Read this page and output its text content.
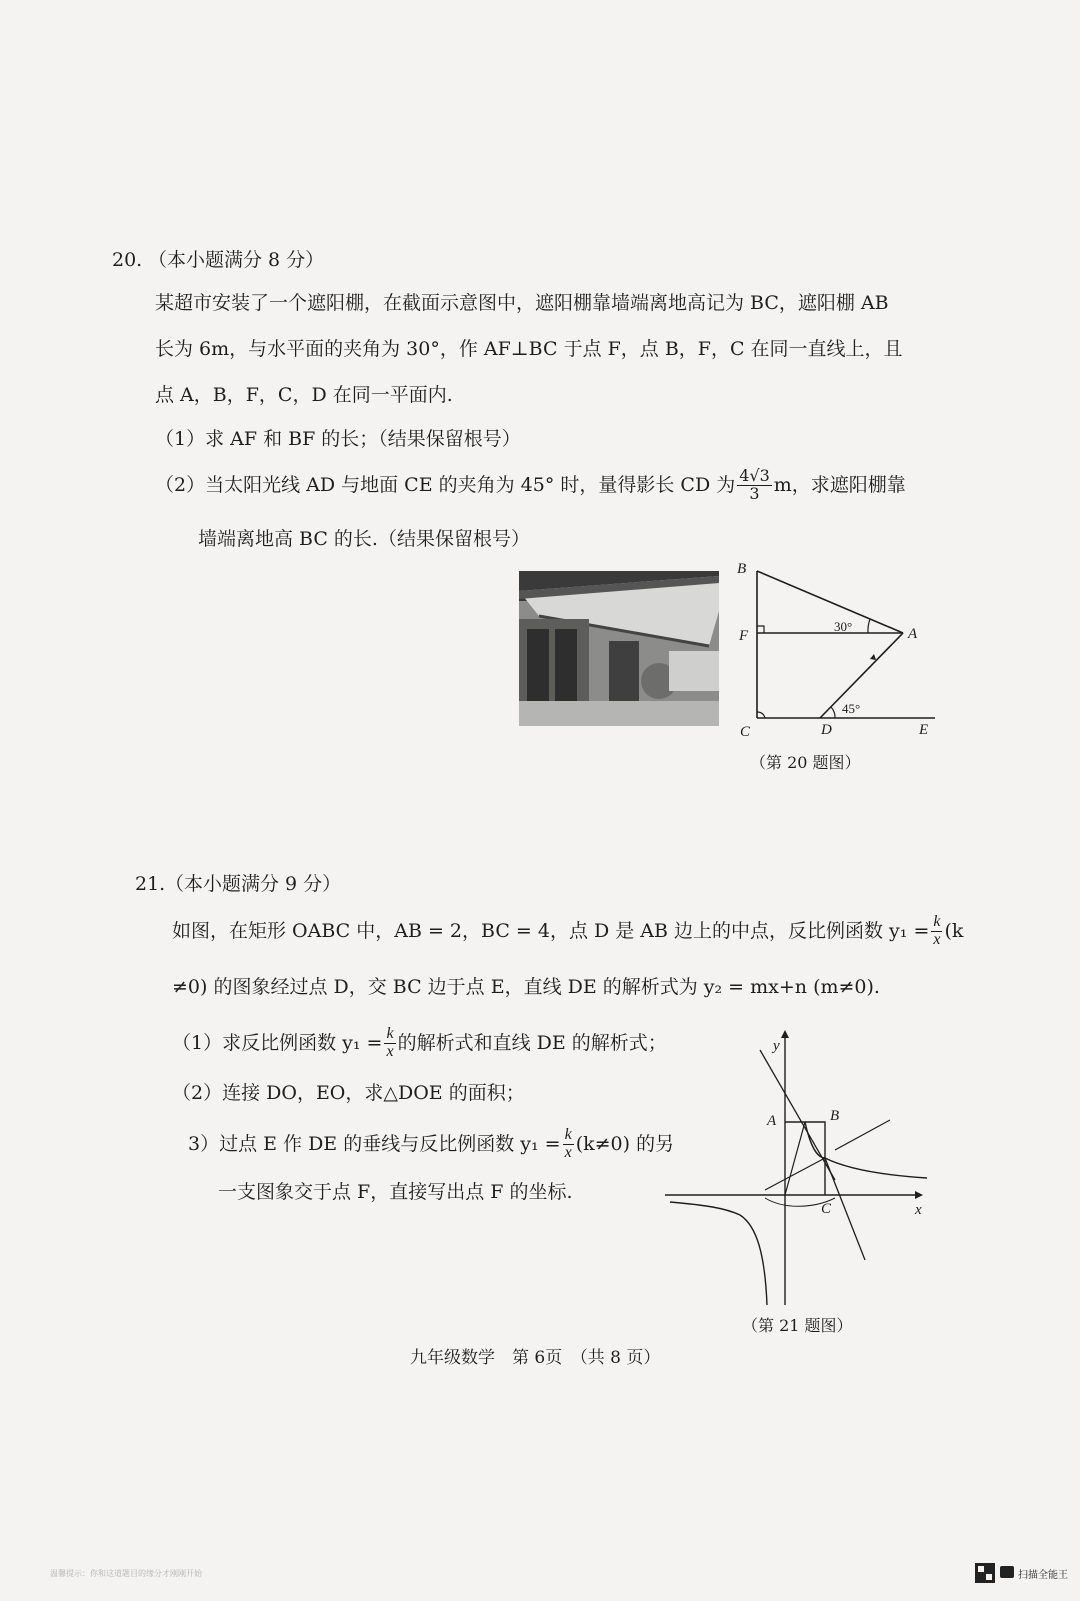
20. （本小题满分 8 分）
某超市安装了一个遮阳棚，在截面示意图中，遮阳棚靠墙端离地高记为 BC，遮阳棚 AB
长为 6m，与水平面的夹角为 30°，作 AF⊥BC 于点 F，点 B，F，C 在同一直线上，且
点 A，B，F，C，D 在同一平面内.
（1）求 AF 和 BF 的长；（结果保留根号）
（2）当太阳光线 AD 与地面 CE 的夹角为 45° 时，量得影长 CD 为 $\frac{4√3}{3}$ m，求遮阳棚靠
墙端离地高 BC 的长.（结果保留根号）
B
F	A
C	D	E
30°
45°
（第 20 题图）
21. （本小题满分 9 分）
如图，在矩形 OABC 中，AB = 2，BC = 4，点 D 是 AB 边上的中点，反比例函数 $y_1 = \frac{k}{x} (k$
≠0) 的图象经过点 D，交 BC 边于点 E，直线 DE 的解析式为 y₂ = mx+n (m≠0).
（1）求反比例函数 $y_1 = \frac{k}{x}$ 的解析式和直线 DE 的解析式；
（2）连接 DO，EO，求△DOE 的面积；
3）过点 E 作 DE 的垂线与反比例函数 $y_1 = \frac{k}{x} (k\ne 0)$ 的另
一支图象交于点 F，直接写出点 F 的坐标.
y
A	B
C	x
（第 21 题图）
九年级数学　第 6页　（共 8 页）
温馨提示：你和这道题目的缘分才刚刚开始	扫描全能王
